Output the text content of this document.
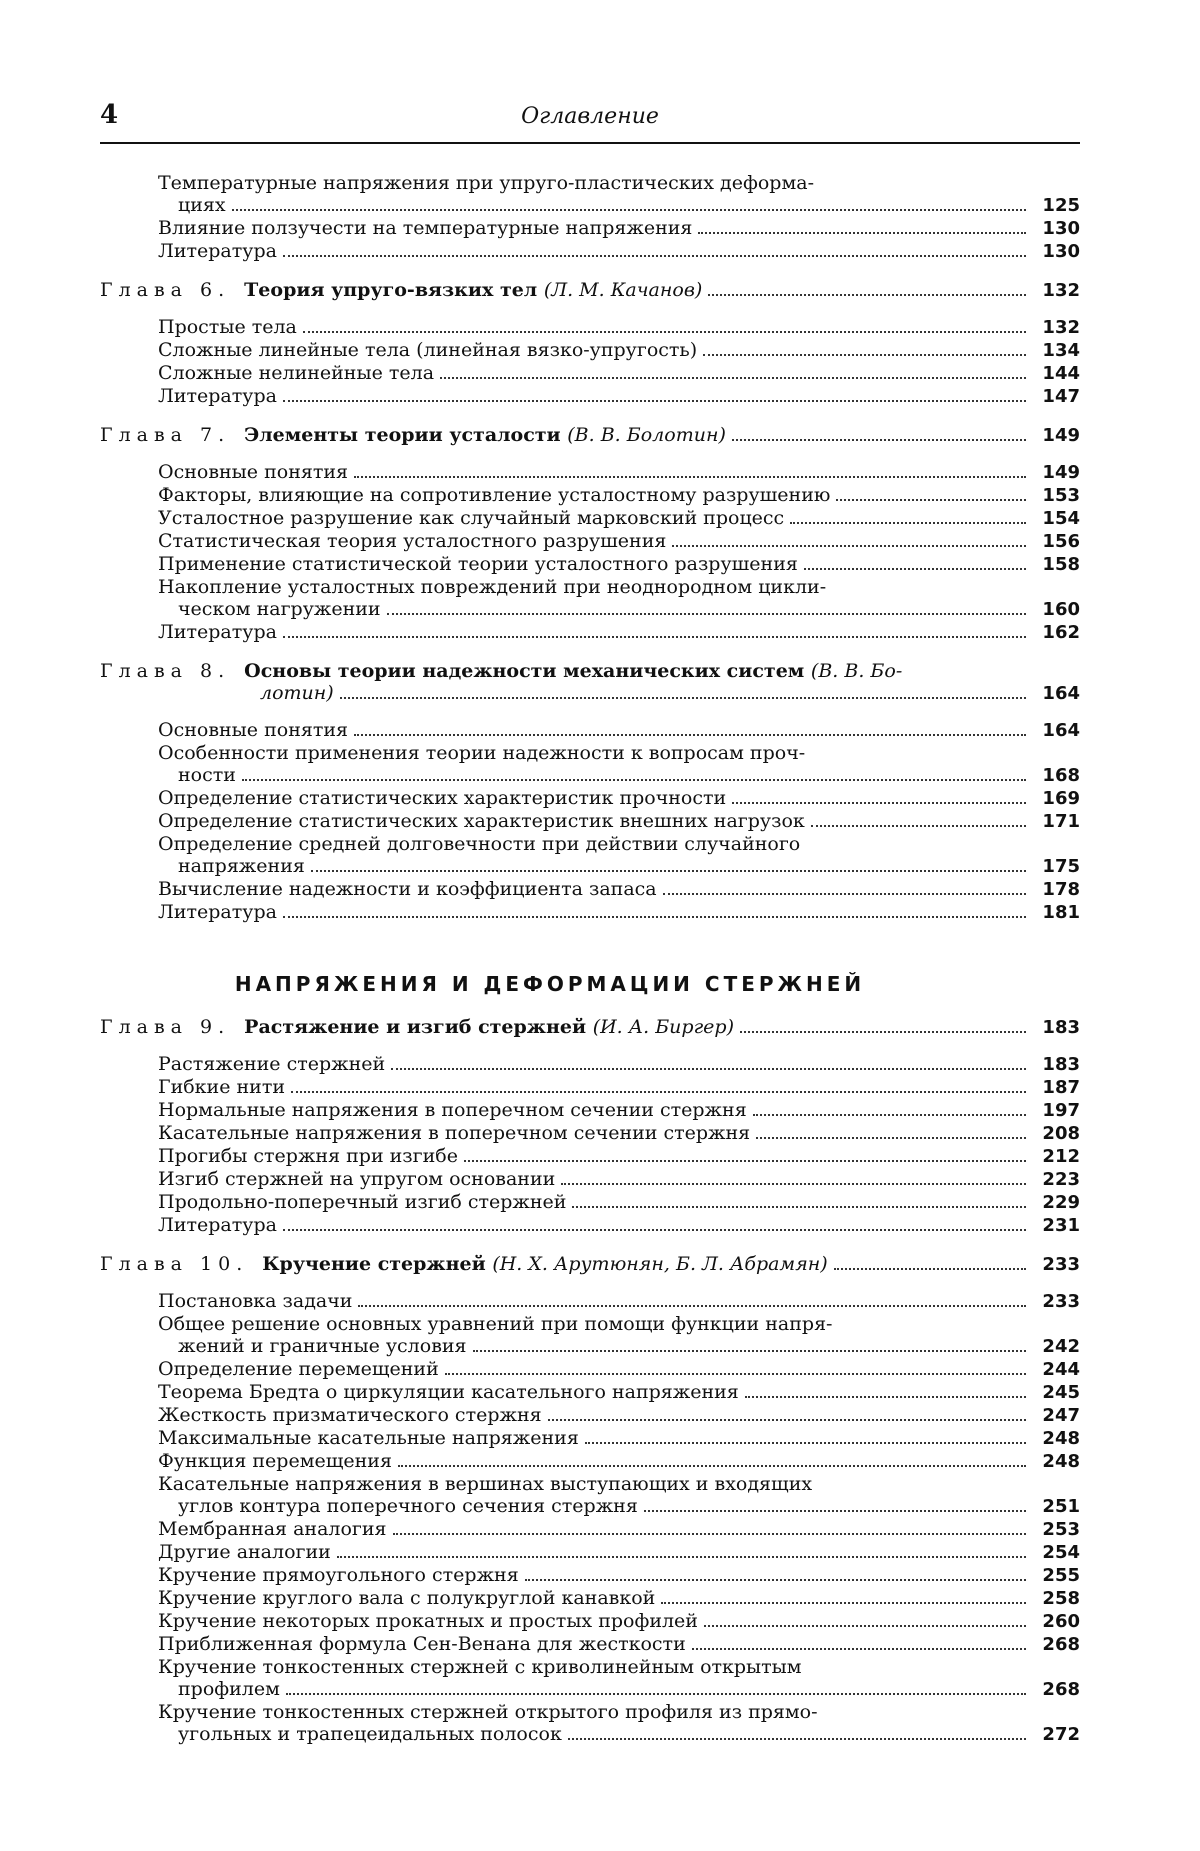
4	Оглавление
Температурные напряжения при упруго-пластических деформа-
циях	125
Влияние ползучести на температурные напряжения	130
Литература	130
Глава 6. Теория упруго-вязких тел (Л. М. Качанов)	132
Простые тела	132
Сложные линейные тела (линейная вязко-упругость)	134
Сложные нелинейные тела	144
Литература	147
Глава 7. Элементы теории усталости (В. В. Болотин)	149
Основные понятия	149
Факторы, влияющие на сопротивление усталостному разрушению	153
Усталостное разрушение как случайный марковский процесс	154
Статистическая теория усталостного разрушения	156
Применение статистической теории усталостного разрушения	158
Накопление усталостных повреждений при неоднородном цикли-
ческом нагружении	160
Литература	162
Глава 8. Основы теории надежности механических систем (В. В. Бо-
лотин)	164
Основные понятия	164
Особенности применения теории надежности к вопросам проч-
ности	168
Определение статистических характеристик прочности	169
Определение статистических характеристик внешних нагрузок	171
Определение средней долговечности при действии случайного
напряжения	175
Вычисление надежности и коэффициента запаса	178
Литература	181
НАПРЯЖЕНИЯ И ДЕФОРМАЦИИ СТЕРЖНЕЙ
Глава 9. Растяжение и изгиб стержней (И. А. Биргер)	183
Растяжение стержней	183
Гибкие нити	187
Нормальные напряжения в поперечном сечении стержня	197
Касательные напряжения в поперечном сечении стержня	208
Прогибы стержня при изгибе	212
Изгиб стержней на упругом основании	223
Продольно-поперечный изгиб стержней	229
Литература	231
Глава 10. Кручение стержней (Н. Х. Арутюнян, Б. Л. Абрамян)	233
Постановка задачи	233
Общее решение основных уравнений при помощи функции напря-
жений и граничные условия	242
Определение перемещений	244
Теорема Бредта о циркуляции касательного напряжения	245
Жесткость призматического стержня	247
Максимальные касательные напряжения	248
Функция перемещения	248
Касательные напряжения в вершинах выступающих и входящих
углов контура поперечного сечения стержня	251
Мембранная аналогия	253
Другие аналогии	254
Кручение прямоугольного стержня	255
Кручение круглого вала с полукруглой канавкой	258
Кручение некоторых прокатных и простых профилей	260
Приближенная формула Сен-Венана для жесткости	268
Кручение тонкостенных стержней с криволинейным открытым
профилем	268
Кручение тонкостенных стержней открытого профиля из прямо-
угольных и трапецеидальных полосок	272
